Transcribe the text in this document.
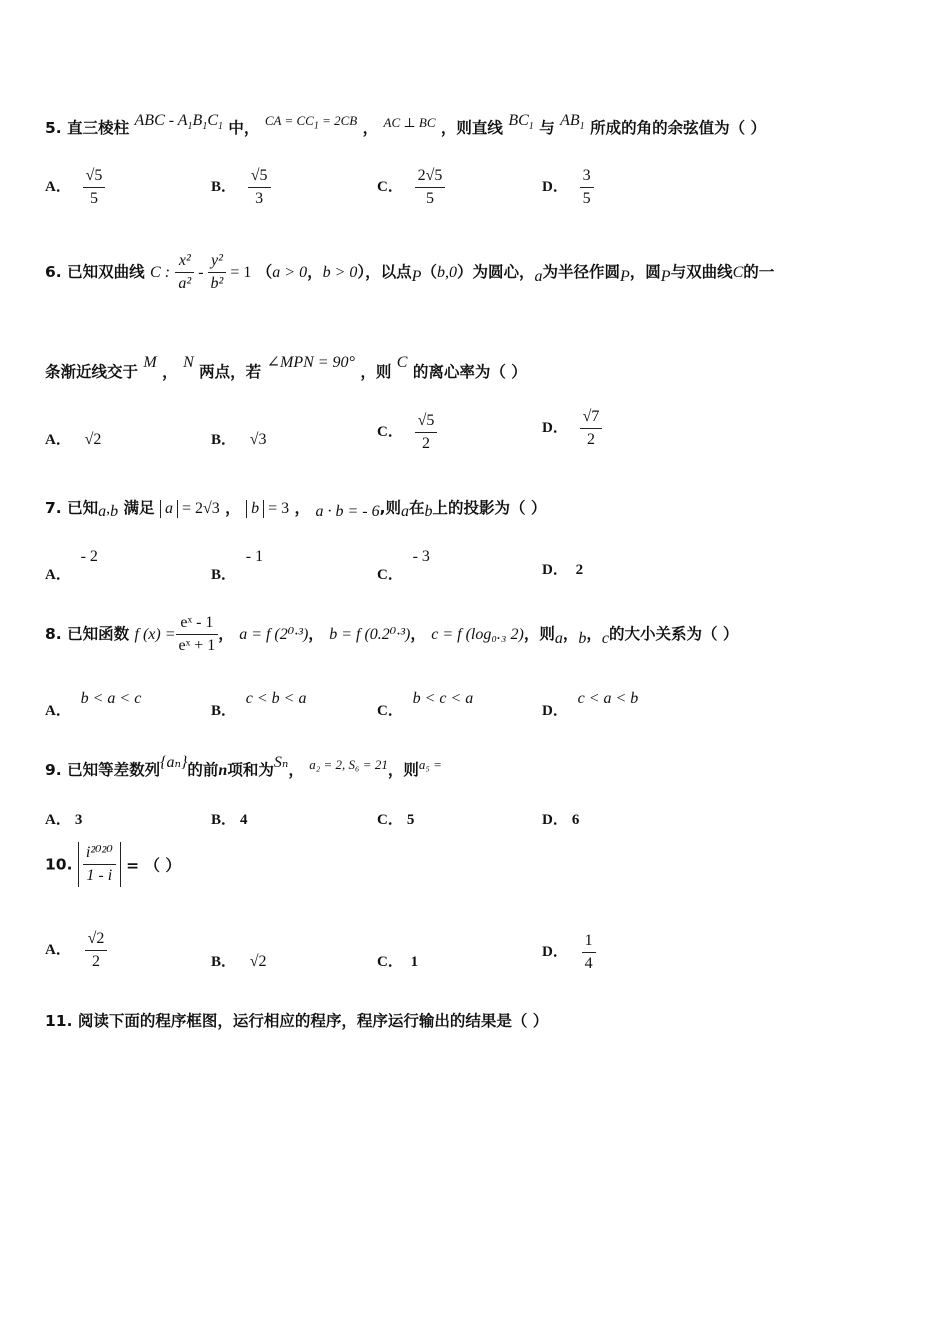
5. 直三棱柱 ABC - $A_1B_1C_1$ 中， $^{CA = CC_1 = 2CB}$ ， $^{AC \perp BC}$ ，则直线 $BC_1$ 与 $AB_1$ 所成的角的余弦值为（ ）
A． $\frac{√5}{5}$	B． $\frac{√5}{3}$	C． $\frac{2√5}{5}$	D． $\frac{3}{5}$
6. 已知双曲线 C : $\frac{\text{x²}}{\text{a²}} - \frac{\text{y²}}{\text{b²}} = 1$ （a > 0，b > 0），以点P（b,0）为圆心，a为半径作圆P，圆P与双曲线C的一
条渐近线交于 M ， N 两点，若 ∠MPN = 90° ，则 C 的离心率为（ ）
A． √2	B． √3	C． $\frac{√5}{2}$	D． $\frac{√7}{2}$
7. 已知a,b 满足 a = 2√3 ， b = 3 ， a · b = - 6,则a在b上的投影为（ ）
A． - 2
B． - 1
C． - 3
D． 2
8. 已知函数 f $(x) = \frac{\text{eˣ - 1}}{\text{eˣ + 1}}$ ， a = f (2⁰·³)， b = f (0.2⁰·³)， c = f (log₀.₃ 2)，则a，b，c的大小关系为（ ）
A． b < a < c
B． c < b < a
C． b < c < a
D． c < a < b
9. 已知等差数列{aₙ}的前n项和为Sₙ， $^{a_2 = 2, S_6 = 21}$，则$^{a_5 =}$
A． 3	B． 4	C． 5	D． 6
10. $\frac{\text{i²⁰²⁰}}{1 - i}$ = （ ）
A． $\frac{√2}{2}$	B． √2	C． 1
D． $\frac{1}{4}$
11. 阅读下面的程序框图，运行相应的程序，程序运行输出的结果是（ ）
